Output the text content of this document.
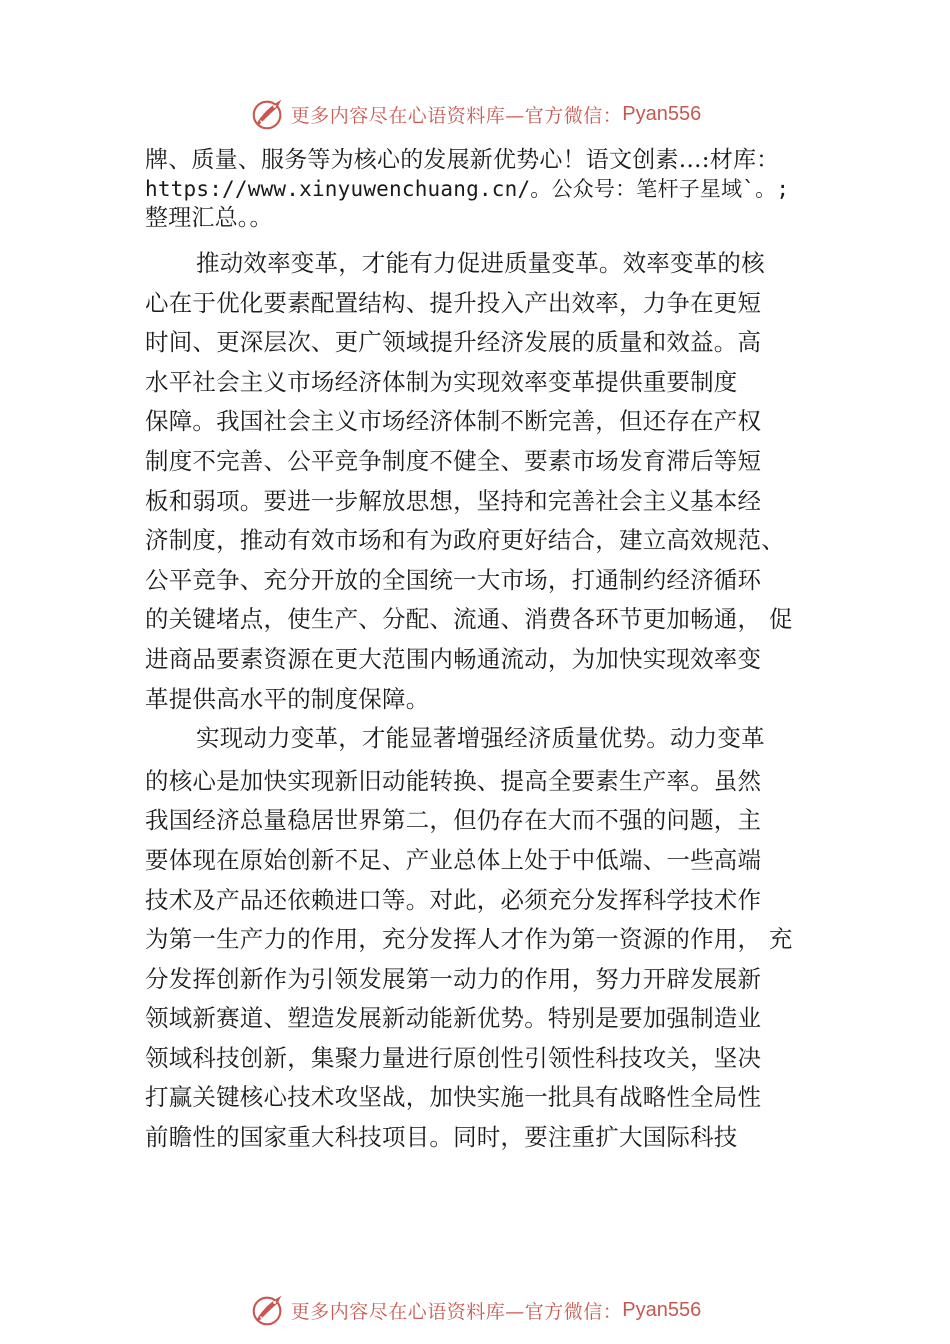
更多内容尽在心语资料库—官方微信： Pyan556
牌、质量、服务等为核心的发展新优势心！语文创素…:材库：
https://www.xinyuwenchuang.cn/。公众号：笔杆子星域`。;
整理汇总。。
推动效率变革，才能有力促进质量变革。效率变革的核
心在于优化要素配置结构、提升投入产出效率，力争在更短
时间、更深层次、更广领域提升经济发展的质量和效益。高
水平社会主义市场经济体制为实现效率变革提供重要制度
保障。我国社会主义市场经济体制不断完善，但还存在产权
制度不完善、公平竞争制度不健全、要素市场发育滞后等短
板和弱项。要进一步解放思想，坚持和完善社会主义基本经
济制度，推动有效市场和有为政府更好结合，建立高效规范、
公平竞争、充分开放的全国统一大市场，打通制约经济循环
的关键堵点，使生产、分配、流通、消费各环节更加畅通， 促
进商品要素资源在更大范围内畅通流动，为加快实现效率变
革提供高水平的制度保障。
实现动力变革，才能显著增强经济质量优势。动力变革
的核心是加快实现新旧动能转换、提高全要素生产率。虽然
我国经济总量稳居世界第二，但仍存在大而不强的问题，主
要体现在原始创新不足、产业总体上处于中低端、一些高端
技术及产品还依赖进口等。对此，必须充分发挥科学技术作
为第一生产力的作用，充分发挥人才作为第一资源的作用， 充
分发挥创新作为引领发展第一动力的作用，努力开辟发展新
领域新赛道、塑造发展新动能新优势。特别是要加强制造业
领域科技创新，集聚力量进行原创性引领性科技攻关，坚决
打赢关键核心技术攻坚战，加快实施一批具有战略性全局性
前瞻性的国家重大科技项目。同时，要注重扩大国际科技
更多内容尽在心语资料库—官方微信： Pyan556
